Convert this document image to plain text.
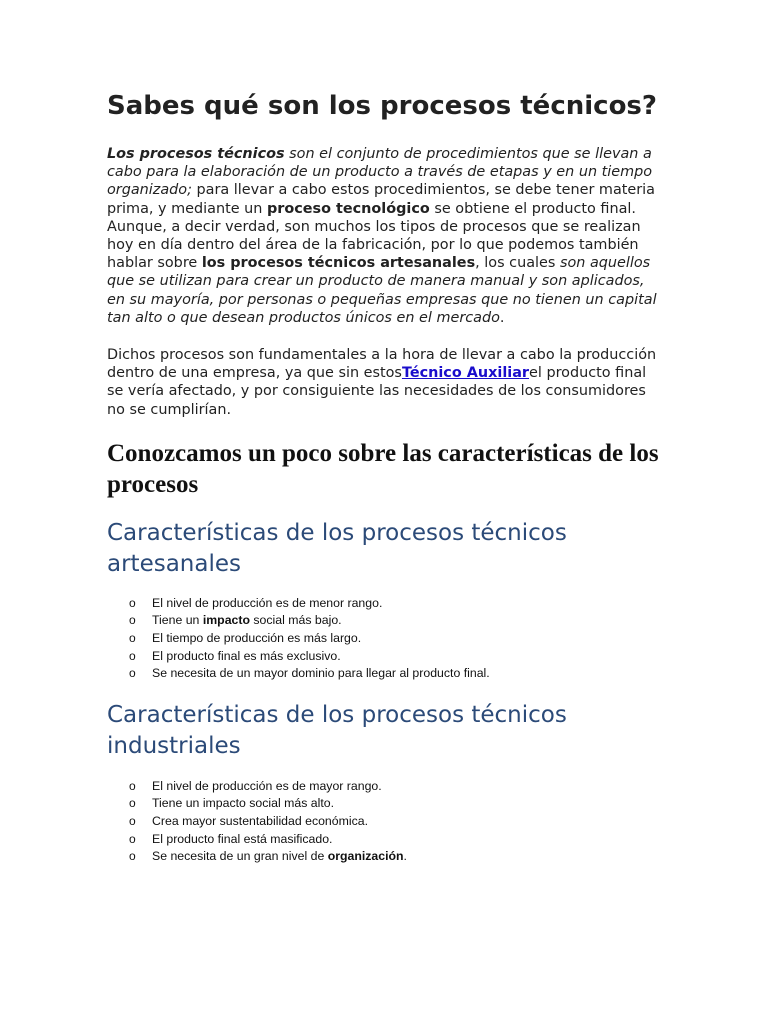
Sabes qué son los procesos técnicos?

Los procesos técnicos son el conjunto de procedimientos que se llevan a cabo para la elaboración de un producto a través de etapas y en un tiempo organizado; para llevar a cabo estos procedimientos, se debe tener materia prima, y mediante un proceso tecnológico se obtiene el producto final. Aunque, a decir verdad, son muchos los tipos de procesos que se realizan hoy en día dentro del área de la fabricación, por lo que podemos también hablar sobre los procesos técnicos artesanales, los cuales son aquellos que se utilizan para crear un producto de manera manual y son aplicados, en su mayoría, por personas o pequeñas empresas que no tienen un capital tan alto o que desean productos únicos en el mercado.

Dichos procesos son fundamentales a la hora de llevar a cabo la producción dentro de una empresa, ya que sin estosTécnico Auxiliarel producto final se vería afectado, y por consiguiente las necesidades de los consumidores no se cumplirían.

Conozcamos un poco sobre las características de los procesos
Características de los procesos técnicos artesanales
o El nivel de producción es de menor rango.
o Tiene un impacto social más bajo.
o El tiempo de producción es más largo.
o El producto final es más exclusivo.
o Se necesita de un mayor dominio para llegar al producto final.
Características de los procesos técnicos industriales
o El nivel de producción es de mayor rango.
o Tiene un impacto social más alto.
o Crea mayor sustentabilidad económica.
o El producto final está masificado.
o Se necesita de un gran nivel de organización.
